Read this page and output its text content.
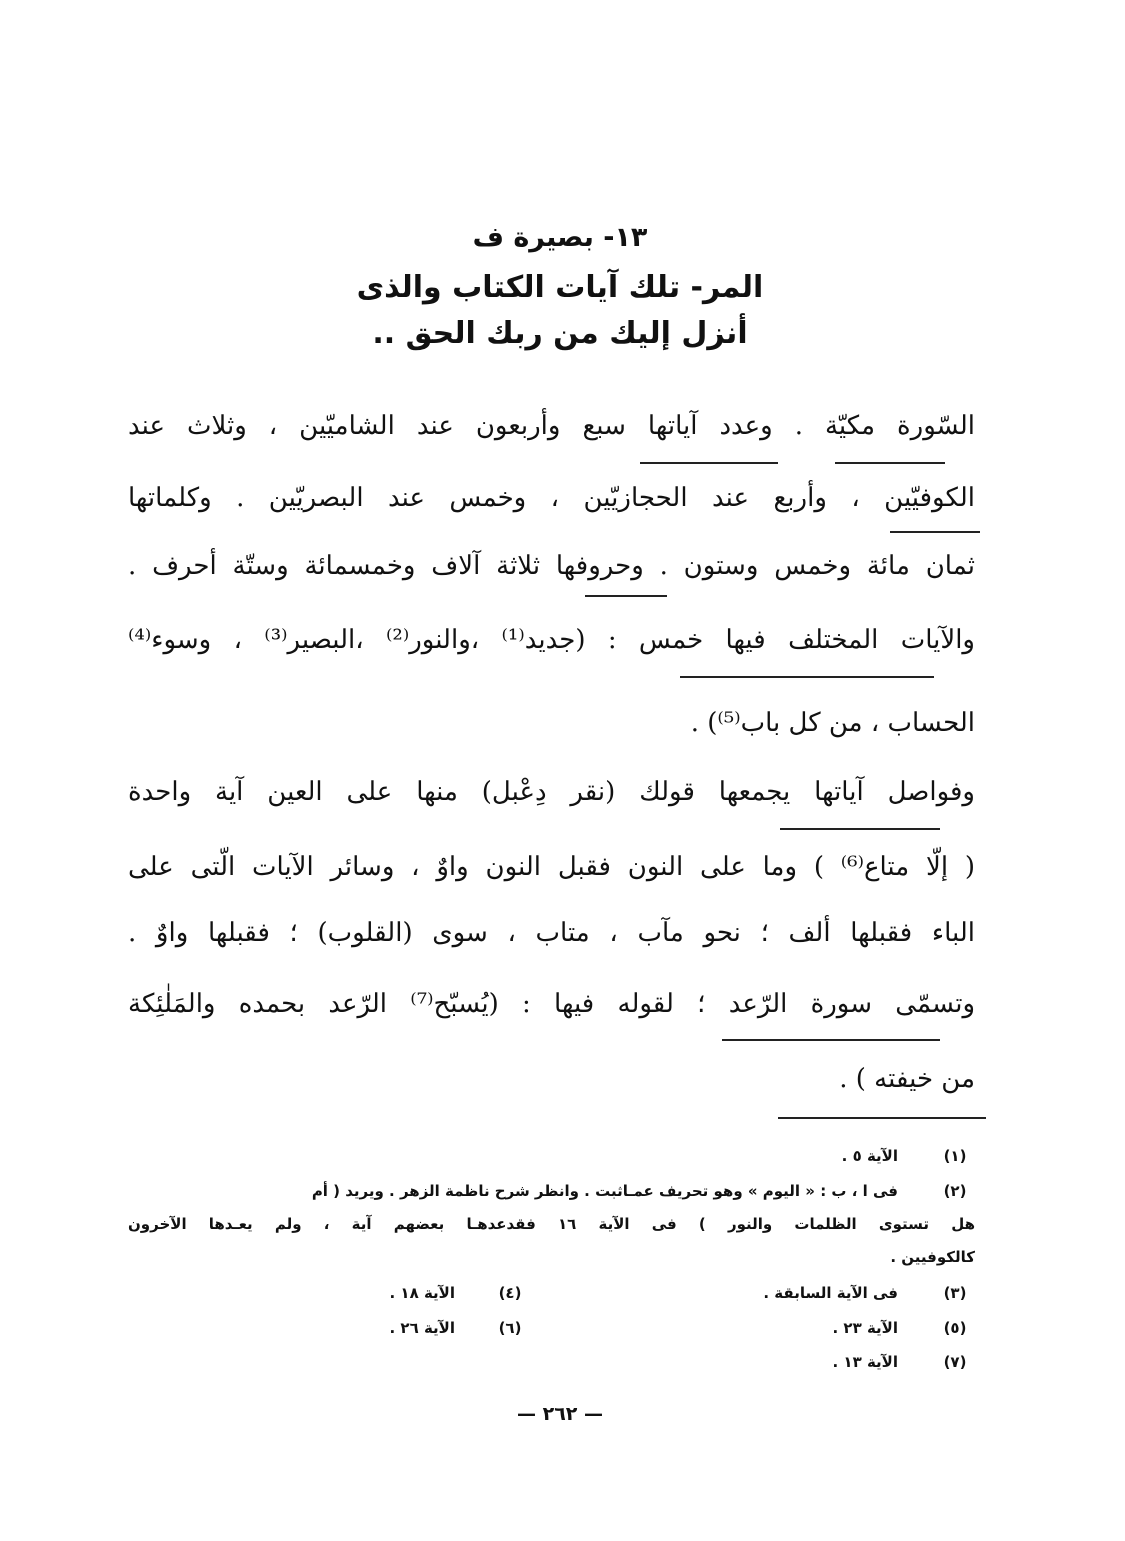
١٣- بصيرة ف
المر- تلك آيات الكتاب والذى
أنزل إليك من ربك الحق ..
السّورة مكيّة . وعدد آياتها سبع وأربعون عند الشاميّين ، وثلاث عند
الكوفيّين ، وأربع عند الحجازيّين ، وخمس عند البصريّين . وكلماتها
ثمان مائة وخمس وستون . وحروفها ثلاثة آلاف وخمسمائة وستّة أحرف .
والآيات المختلف فيها خمس : (جديد⁽¹⁾ ،والنور⁽²⁾ ،البصير⁽³⁾ ، وسوء⁽⁴⁾
الحساب ، من كل باب⁽⁵⁾) .
وفواصل آياتها يجمعها قولك (نقر دِعْبل) منها على العين آية واحدة
( إلّا متاع⁽⁶⁾ ) وما على النون فقبل النون واوٌ ، وسائر الآيات الّتى على
الباء فقبلها ألف ؛ نحو مآب ، متاب ، سوى (القلوب) ؛ فقبلها واوٌ .
وتسمّى سورة الرّعد ؛ لقوله فيها : (يُسبّح⁽⁷⁾ الرّعد بحمده والمَلٰئِكة
من خيفته ) .
(١)
الآية ٥ .
(٢)
فى ا ، ب : « اليوم » وهو تحريف عمـاثبت . وانظر شرح ناظمة الزهر . ويريد ( أم
هل تستوى الظلمات والنور ) فى الآية ١٦ فقدعدهـا بعضهم آية ، ولم يعـدها الآخرون
كالكوفيين .
(٣)
فى الآية السابقة .
(٤)
الآية ١٨ .
(٥)
الآية ٢٣ .
(٦)
الآية ٢٦ .
(٧)
الآية ١٣ .
— ٢٦٢ —
